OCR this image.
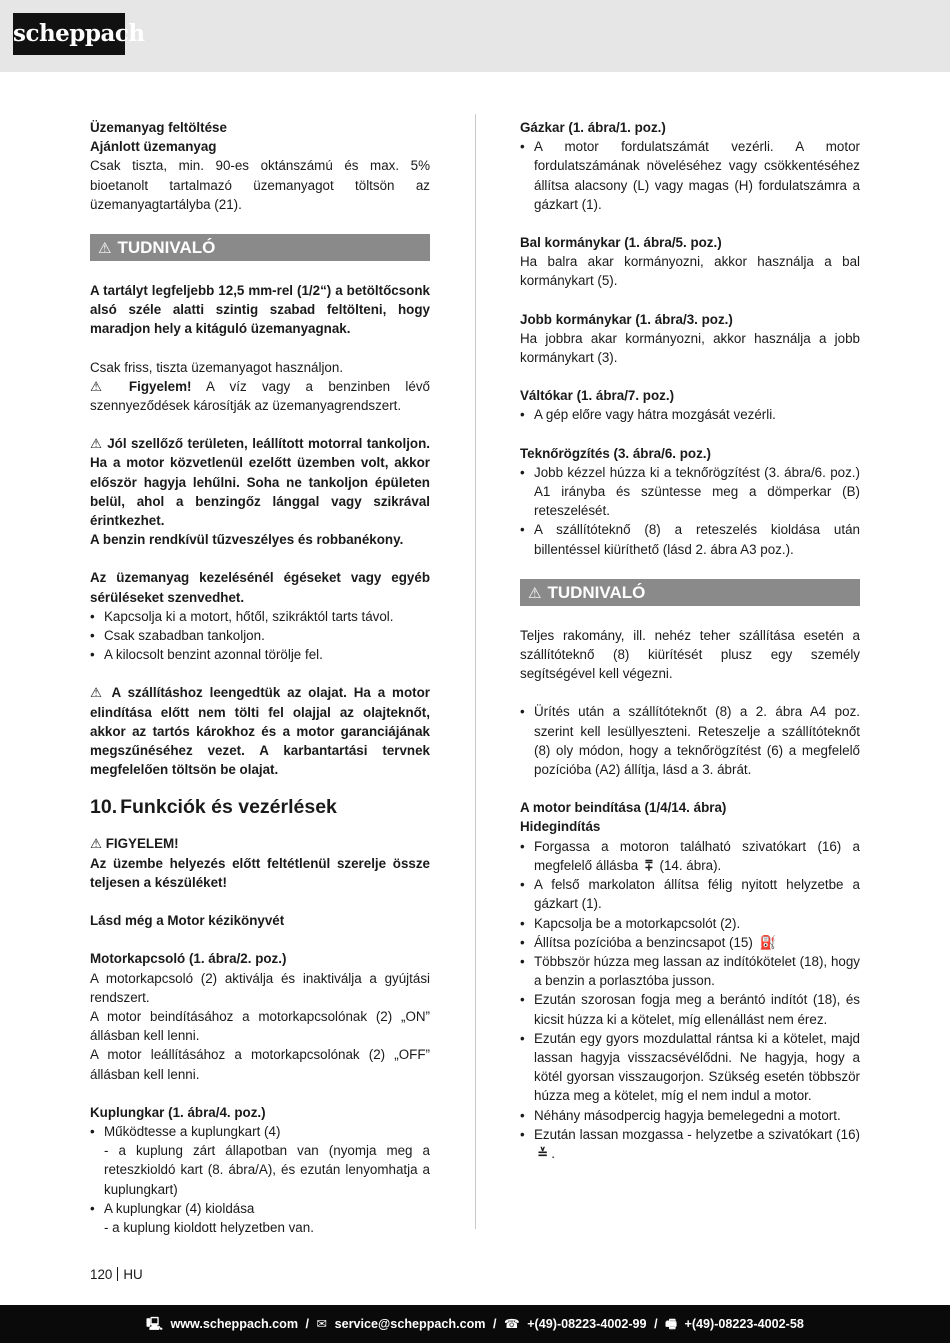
scheppach

Üzemanyag feltöltése

Ajánlott üzemanyag

Csak tiszta, min. 90-es oktánszámú és max. 5% bioetanolt tartalmazó üzemanyagot töltsön az üzemanyagtartályba (21).

⚠ TUDNIVALÓ

A tartályt legfeljebb 12,5 mm-rel (1/2“) a betöltőcsonk alsó széle alatti szintig szabad feltölteni, hogy maradjon hely a kitáguló üzemanyagnak.

Csak friss, tiszta üzemanyagot használjon.

⚠ Figyelem! A víz vagy a benzinben lévő szennyeződések károsítják az üzemanyagrendszert.

⚠ Jól szellőző területen, leállított motorral tankoljon. Ha a motor közvetlenül ezelőtt üzemben volt, akkor először hagyja lehűlni. Soha ne tankoljon épületen belül, ahol a benzingőz lánggal vagy szikrával érintkezhet.

A benzin rendkívül tűzveszélyes és robbanékony.

Az üzemanyag kezelésénél égéseket vagy egyéb sérüléseket szenvedhet.

• Kapcsolja ki a motort, hőtől, szikráktól tarts távol.
• Csak szabadban tankoljon.
• A kilocsolt benzint azonnal törölje fel.

⚠ A szállításhoz leengedtük az olajat. Ha a motor elindítása előtt nem tölti fel olajjal az olajteknőt, akkor az tartós károkhoz és a motor garanciájának megszűnéséhez vezet. A karbantartási tervnek megfelelően töltsön be olajat.

10. Funkciók és vezérlések

⚠ FIGYELEM!

Az üzembe helyezés előtt feltétlenül szerelje össze teljesen a készüléket!

Lásd még a Motor kézikönyvét

Motorkapcsoló (1. ábra/2. poz.)

A motorkapcsoló (2) aktiválja és inaktiválja a gyújtási rendszert.

A motor beindításához a motorkapcsolónak (2) „ON” állásban kell lenni.

A motor leállításához a motorkapcsolónak (2) „OFF” állásban kell lenni.

Kuplungkar (1. ábra/4. poz.)

• Működtesse a kuplungkart (4)
- a kuplung zárt állapotban van (nyomja meg a reteszkioldó kart (8. ábra/A), és ezután lenyomhatja a kuplungkart)
• A kuplungkar (4) kioldása
- a kuplung kioldott helyzetben van.

Gázkar (1. ábra/1. poz.)

• A motor fordulatszámát vezérli. A motor fordulatszámának növeléséhez vagy csökkentéséhez állítsa alacsony (L) vagy magas (H) fordulatszámra a gázkart (1).

Bal kormánykar (1. ábra/5. poz.)

Ha balra akar kormányozni, akkor használja a bal kormánykart (5).

Jobb kormánykar (1. ábra/3. poz.)

Ha jobbra akar kormányozni, akkor használja a jobb kormánykart (3).

Váltókar (1. ábra/7. poz.)

• A gép előre vagy hátra mozgását vezérli.

Teknőrögzítés (3. ábra/6. poz.)

• Jobb kézzel húzza ki a teknőrögzítést (3. ábra/6. poz.) A1 irányba és szüntesse meg a dömperkar (B) reteszelését.
• A szállítóteknő (8) a reteszelés kioldása után billentéssel kiüríthető (lásd 2. ábra A3 poz.).
⚠ TUDNIVALÓ

Teljes rakomány, ill. nehéz teher szállítása esetén a szállítóteknő (8) kiürítését plusz egy személy segítségével kell végezni.

• Ürítés után a szállítóteknőt (8) a 2. ábra A4 poz. szerint kell lesüllyeszteni. Reteszelje a szállítóteknőt (8) oly módon, hogy a teknőrögzítést (6) a megfelelő pozícióba (A2) állítja, lásd a 3. ábrát.

A motor beindítása (1/4/14. ábra)

Hidegindítás

• Forgassa a motoron található szivatókart (16) a megfelelő állásba ⩱ (14. ábra).
• A felső markolaton állítsa félig nyitott helyzetbe a gázkart (1).
• Kapcsolja be a motorkapcsolót (2).
• Állítsa pozícióba a benzincsapot (15) ⛽
• Többször húzza meg lassan az indítókötelet (18), hogy a benzin a porlasztóba jusson.
• Ezután szorosan fogja meg a berántó indítót (18), és kicsit húzza ki a kötelet, míg ellenállást nem érez.
• Ezután egy gyors mozdulattal rántsa ki a kötelet, majd lassan hagyja visszacsévélődni. Ne hagyja, hogy a kötél gyorsan visszaugorjon. Szükség esetén többször húzza meg a kötelet, míg el nem indul a motor.
• Néhány másodpercig hagyja bemelegedni a motort.
• Ezután lassan mozgassa - helyzetbe a szivatókart (16) ≚ .
120 HU
🖳 www.scheppach.com / ✉ service@scheppach.com / ☎ +(49)-08223-4002-99 / 🖷 +(49)-08223-4002-58
